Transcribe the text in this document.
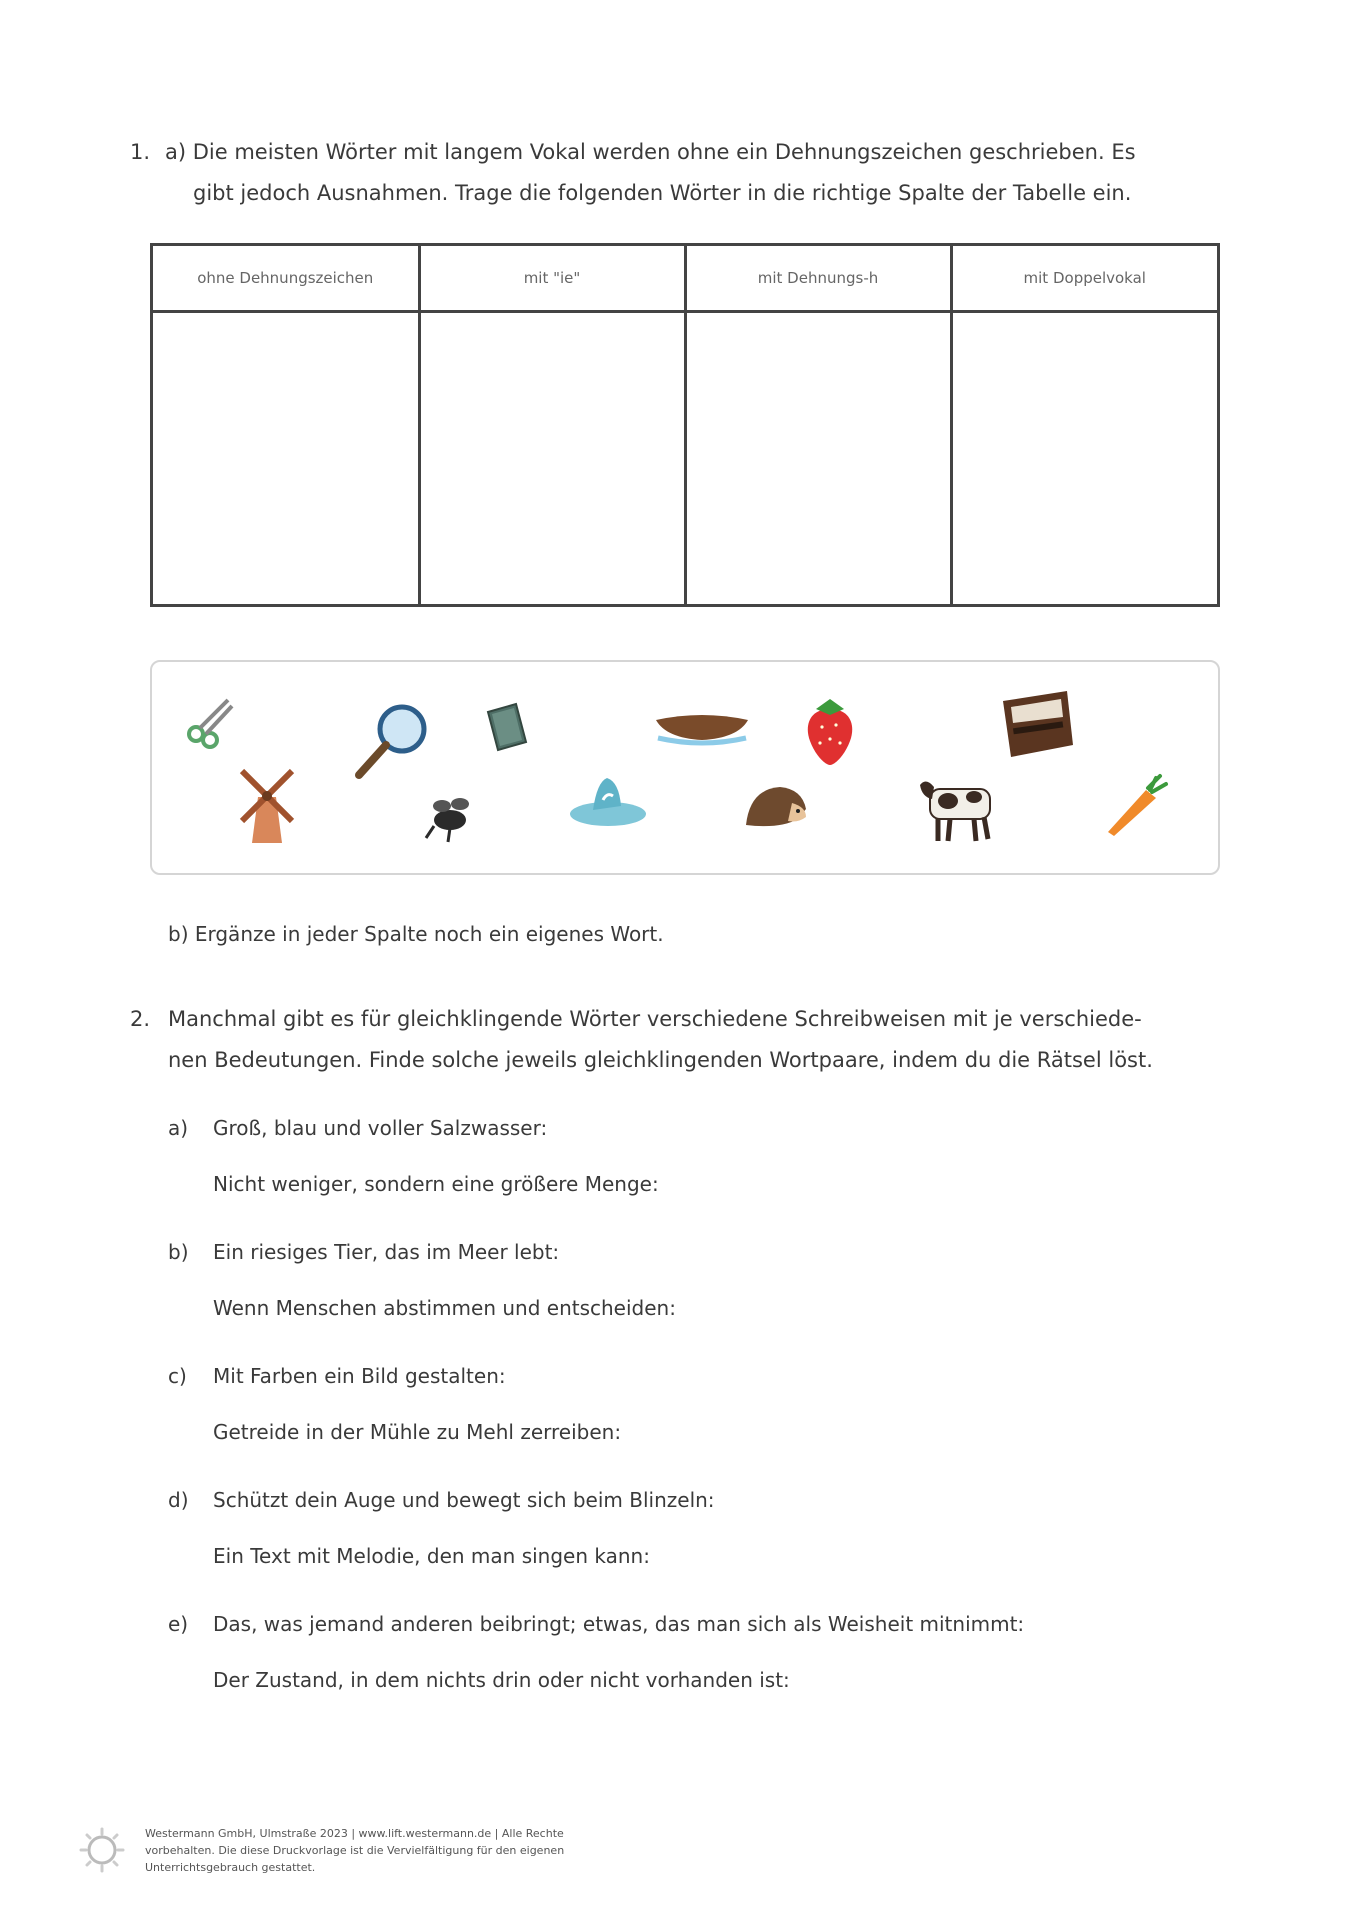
1. a) Die meisten Wörter mit langem Vokal werden ohne ein Dehnungszeichen geschrieben. Es
gibt jedoch Ausnahmen. Trage die folgenden Wörter in die richtige Spalte der Tabelle ein.
ohne Dehnungszeichen	mit "ie"	mit Dehnungs-h	mit Doppelvokal

b) Ergänze in jeder Spalte noch ein eigenes Wort.
2. Manchmal gibt es für gleichklingende Wörter verschiedene Schreibweisen mit je verschiede-
nen Bedeutungen. Finde solche jeweils gleichklingenden Wortpaare, indem du die Rätsel löst.
a) Groß, blau und voller Salzwasser:
Nicht weniger, sondern eine größere Menge:
b) Ein riesiges Tier, das im Meer lebt:
Wenn Menschen abstimmen und entscheiden:
c) Mit Farben ein Bild gestalten:
Getreide in der Mühle zu Mehl zerreiben:
d) Schützt dein Auge und bewegt sich beim Blinzeln:
Ein Text mit Melodie, den man singen kann:
e) Das, was jemand anderen beibringt; etwas, das man sich als Weisheit mitnimmt:
Der Zustand, in dem nichts drin oder nicht vorhanden ist:
Westermann GmbH, Ulmstraße 2023 | www.lift.westermann.de | Alle Rechte vorbehalten. Die diese Druckvorlage ist die Vervielfältigung für den eigenen Unterrichtsgebrauch gestattet.
